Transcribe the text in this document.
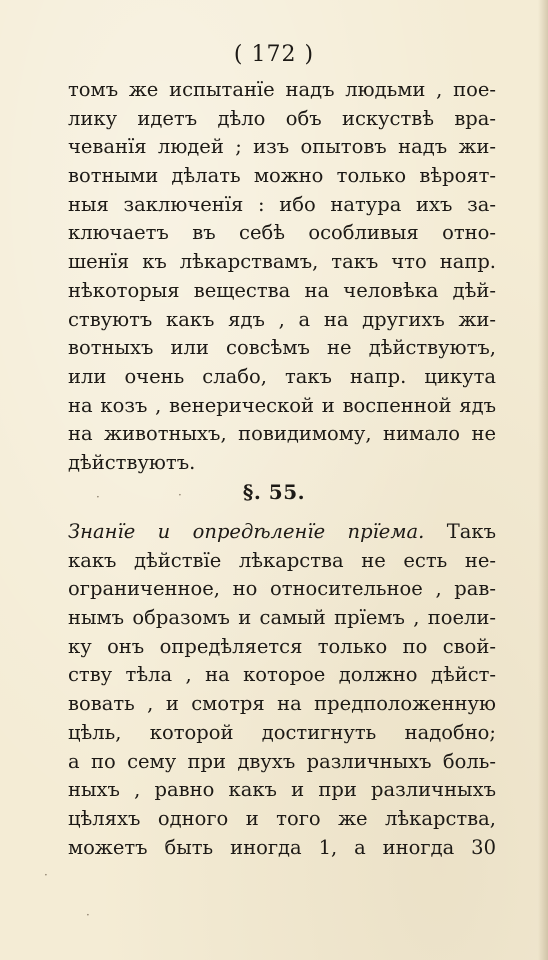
( 172 )
томъ же испытанїе надъ людьми , пое-
лику идетъ дѣло объ искуствѣ вра-
чеванїя людей ; изъ опытовъ надъ жи-
вотными дѣлать можно только вѣроят-
ныя заключенїя : ибо натура ихъ за-
ключаетъ въ себѣ особливыя отно-
шенїя къ лѣкарствамъ, такъ что напр.
нѣкоторыя вещества на человѣка дѣй-
ствуютъ какъ ядъ , а на другихъ жи-
вотныхъ или совсѣмъ не дѣйствуютъ,
или очень слабо, такъ напр. цикута
на козъ , венерической и воспенной ядъ
на животныхъ, повидимому, нимало не
дѣйствуютъ.
·	·	§. 55.
Знанїе и опредѣленїе прїема. Такъ
какъ дѣйствїе лѣкарства не есть не-
ограниченное, но относительное , рав-
нымъ образомъ и самый прїемъ , поели-
ку онъ опредѣляется только по свой-
ству тѣла , на которое должно дѣйст-
вовать , и смотря на предположенную
цѣль, которой достигнуть надобно;
а по сему при двухъ различныхъ боль-
ныхъ , равно какъ и при различныхъ
цѣляхъ одного и того же лѣкарства,
можетъ быть иногда 1, а иногда 30
·
·
